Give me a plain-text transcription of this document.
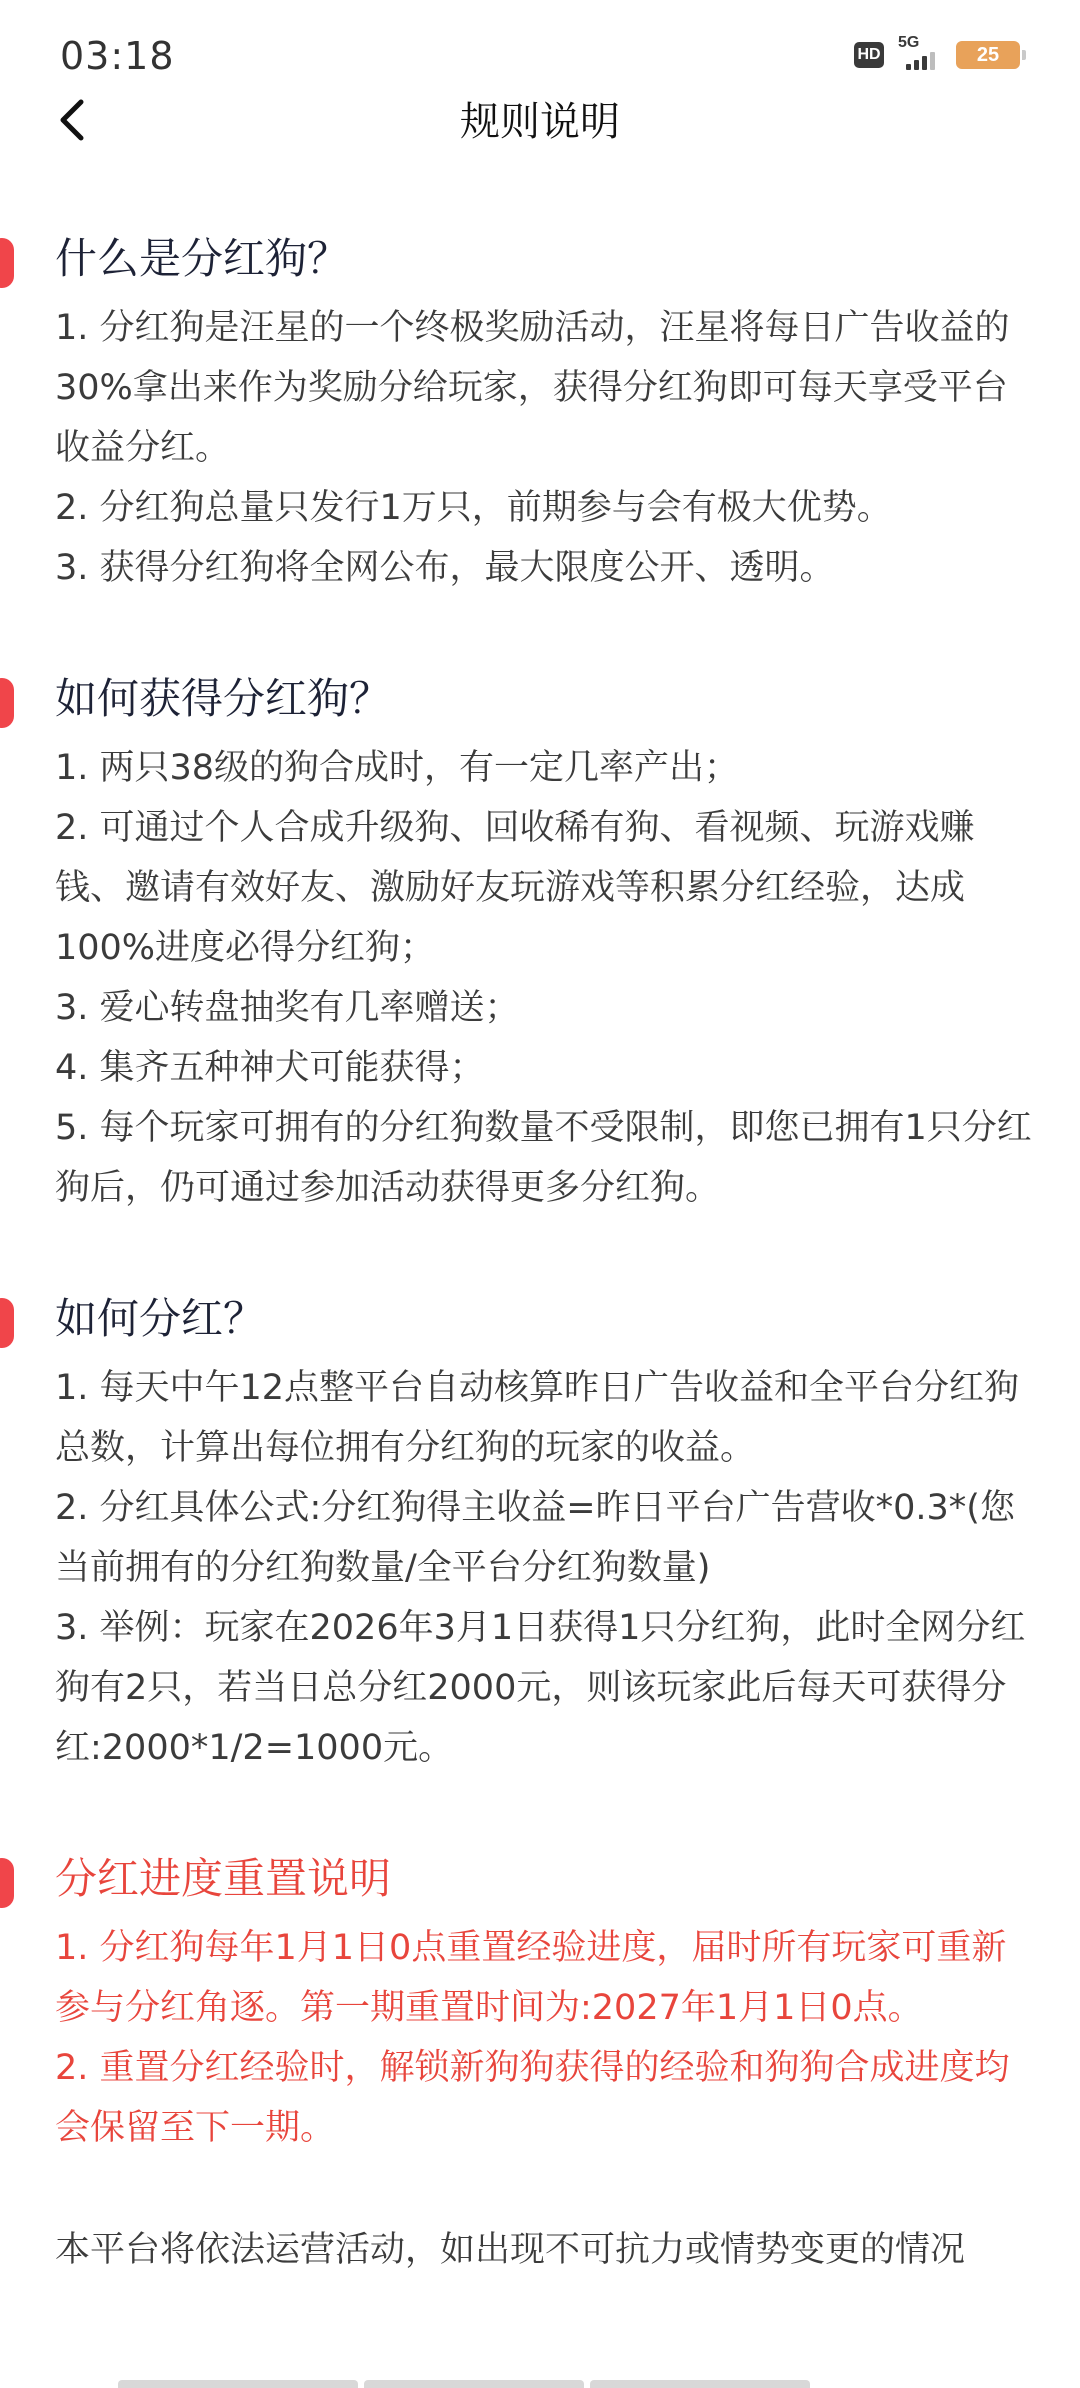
03:18	HD
5G
25
规则说明
什么是分红狗？
1. 分红狗是汪星的一个终极奖励活动，汪星将每日广告收益的30%拿出来作为奖励分给玩家，获得分红狗即可每天享受平台收益分红。
2. 分红狗总量只发行1万只，前期参与会有极大优势。
3. 获得分红狗将全网公布，最大限度公开、透明。
如何获得分红狗？
1. 两只38级的狗合成时，有一定几率产出；
2. 可通过个人合成升级狗、回收稀有狗、看视频、玩游戏赚钱、邀请有效好友、激励好友玩游戏等积累分红经验，达成100%进度必得分红狗；
3. 爱心转盘抽奖有几率赠送；
4. 集齐五种神犬可能获得；
5. 每个玩家可拥有的分红狗数量不受限制，即您已拥有1只分红狗后，仍可通过参加活动获得更多分红狗。
如何分红？
1. 每天中午12点整平台自动核算昨日广告收益和全平台分红狗总数，计算出每位拥有分红狗的玩家的收益。
2. 分红具体公式:分红狗得主收益=昨日平台广告营收*0.3*(您当前拥有的分红狗数量/全平台分红狗数量)
3. 举例：玩家在2026年3月1日获得1只分红狗，此时全网分红狗有2只，若当日总分红2000元，则该玩家此后每天可获得分红:2000*1/2=1000元。
分红进度重置说明
1. 分红狗每年1月1日0点重置经验进度，届时所有玩家可重新参与分红角逐。第一期重置时间为:2027年1月1日0点。
2. 重置分红经验时，解锁新狗狗获得的经验和狗狗合成进度均会保留至下一期。

本平台将依法运营活动，如出现不可抗力或情势变更的情况
